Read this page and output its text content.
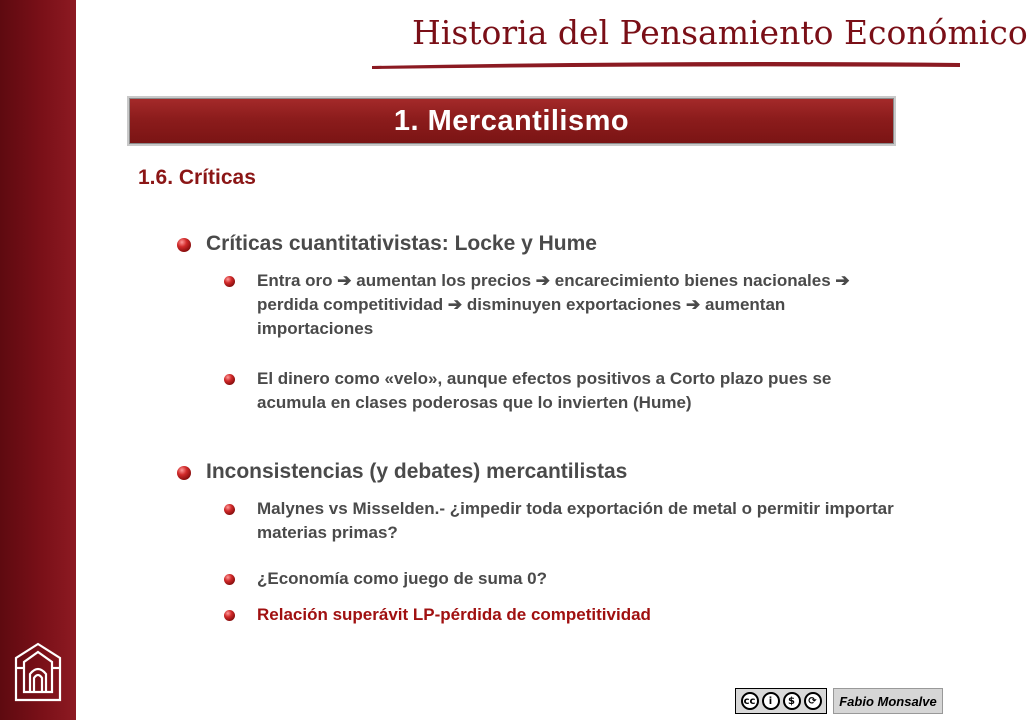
Historia del Pensamiento Económico
1. Mercantilismo
1.6. Críticas
Críticas cuantitativistas: Locke y Hume
Entra oro ➔ aumentan los precios ➔ encarecimiento bienes nacionales ➔ perdida competitividad ➔ disminuyen exportaciones ➔ aumentan importaciones
El dinero como «velo», aunque efectos positivos a Corto plazo pues se acumula en clases poderosas que lo invierten (Hume)
Inconsistencias (y debates) mercantilistas
Malynes vs Misselden.- ¿impedir toda exportación de metal o permitir importar materias primas?
¿Economía como juego de suma 0?
Relación superávit LP-pérdida de competitividad
cc	i	$	⟳	Fabio Monsalve
